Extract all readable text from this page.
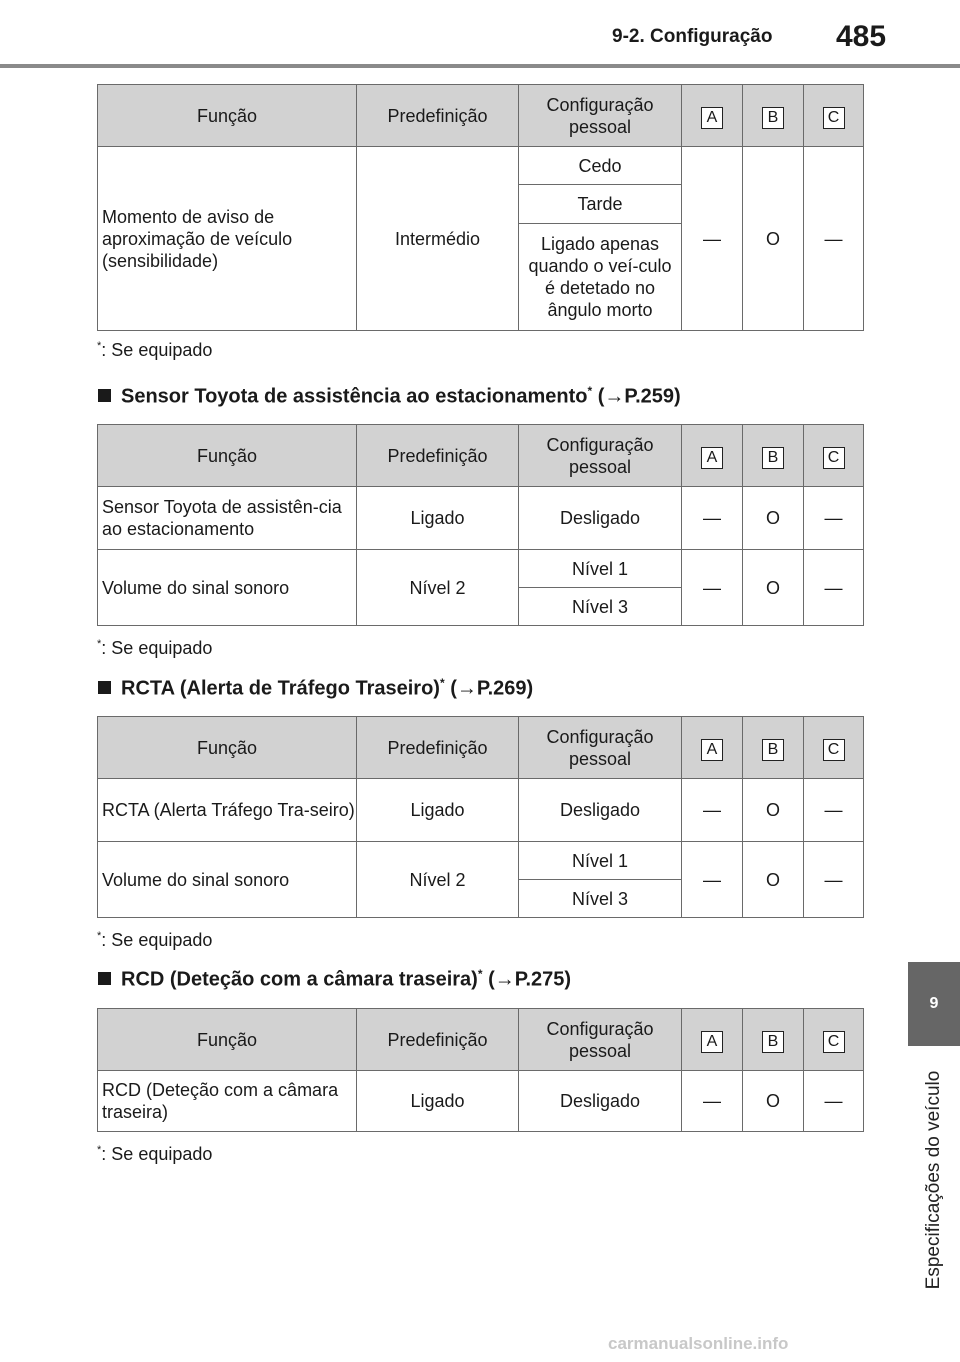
9-2. Configuração 485
9
Especificações do veículo
Função	Predefinição	Configuração pessoal	A	B	C
Momento de aviso de aproximação de veículo (sensibilidade)	Intermédio	Cedo	—	O	—
		Tarde			
		Ligado apenas quando o veí-culo é detetado no ângulo morto			
*: Se equipado
Sensor Toyota de assistência ao estacionamento* (→P.259)
Função	Predefinição	Configuração pessoal	A	B	C
Sensor Toyota de assistên-cia ao estacionamento	Ligado	Desligado	—	O	—
Volume do sinal sonoro	Nível 2	Nível 1	—	O	—
		Nível 3			
*: Se equipado
RCTA (Alerta de Tráfego Traseiro)* (→P.269)
Função	Predefinição	Configuração pessoal	A	B	C
RCTA (Alerta Tráfego Tra-seiro)	Ligado	Desligado	—	O	—
Volume do sinal sonoro	Nível 2	Nível 1	—	O	—
		Nível 3			
*: Se equipado
RCD (Deteção com a câmara traseira)* (→P.275)
Função	Predefinição	Configuração pessoal	A	B	C
RCD (Deteção com a câmara traseira)	Ligado	Desligado	—	O	—
*: Se equipado
carmanualsonline.info
